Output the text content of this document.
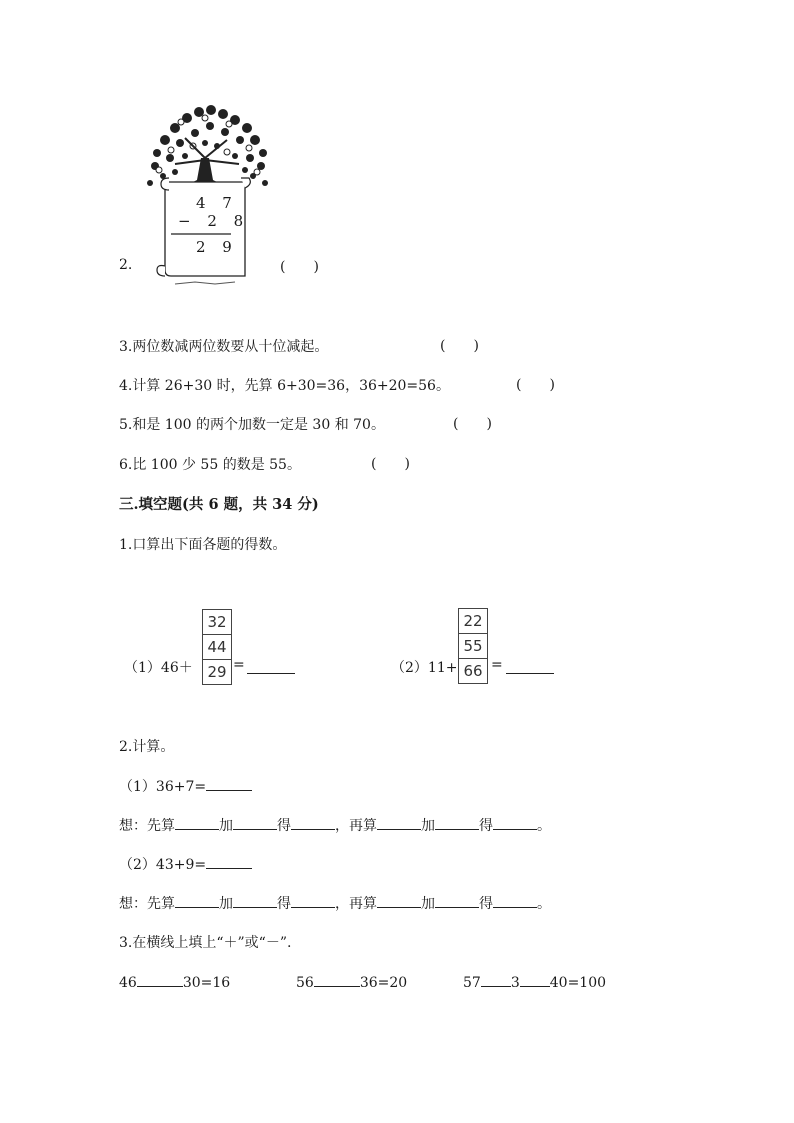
2.
4 7
− 2 8
2 9
(　　)
3.两位数减两位数要从十位减起。	(　　)
4.计算 26+30 时，先算 6+30=36，36+20=56。	(　　)
5.和是 100 的两个加数一定是 30 和 70。	(　　)
6.比 100 少 55 的数是 55。	(　　)
三.填空题(共 6 题，共 34 分)
1.口算出下面各题的得数。
（1）46＋
32
44
29 =	（2）11+
22
55
66 =
2.计算。
（1）36+7=
想：先算	加	得	，再算	加	得	。
（2）43+9=
想：先算	加	得	，再算	加	得	。
3.在横线上填上“＋”或“－”.
46	30=16	56	36=20	57 3 40=100
